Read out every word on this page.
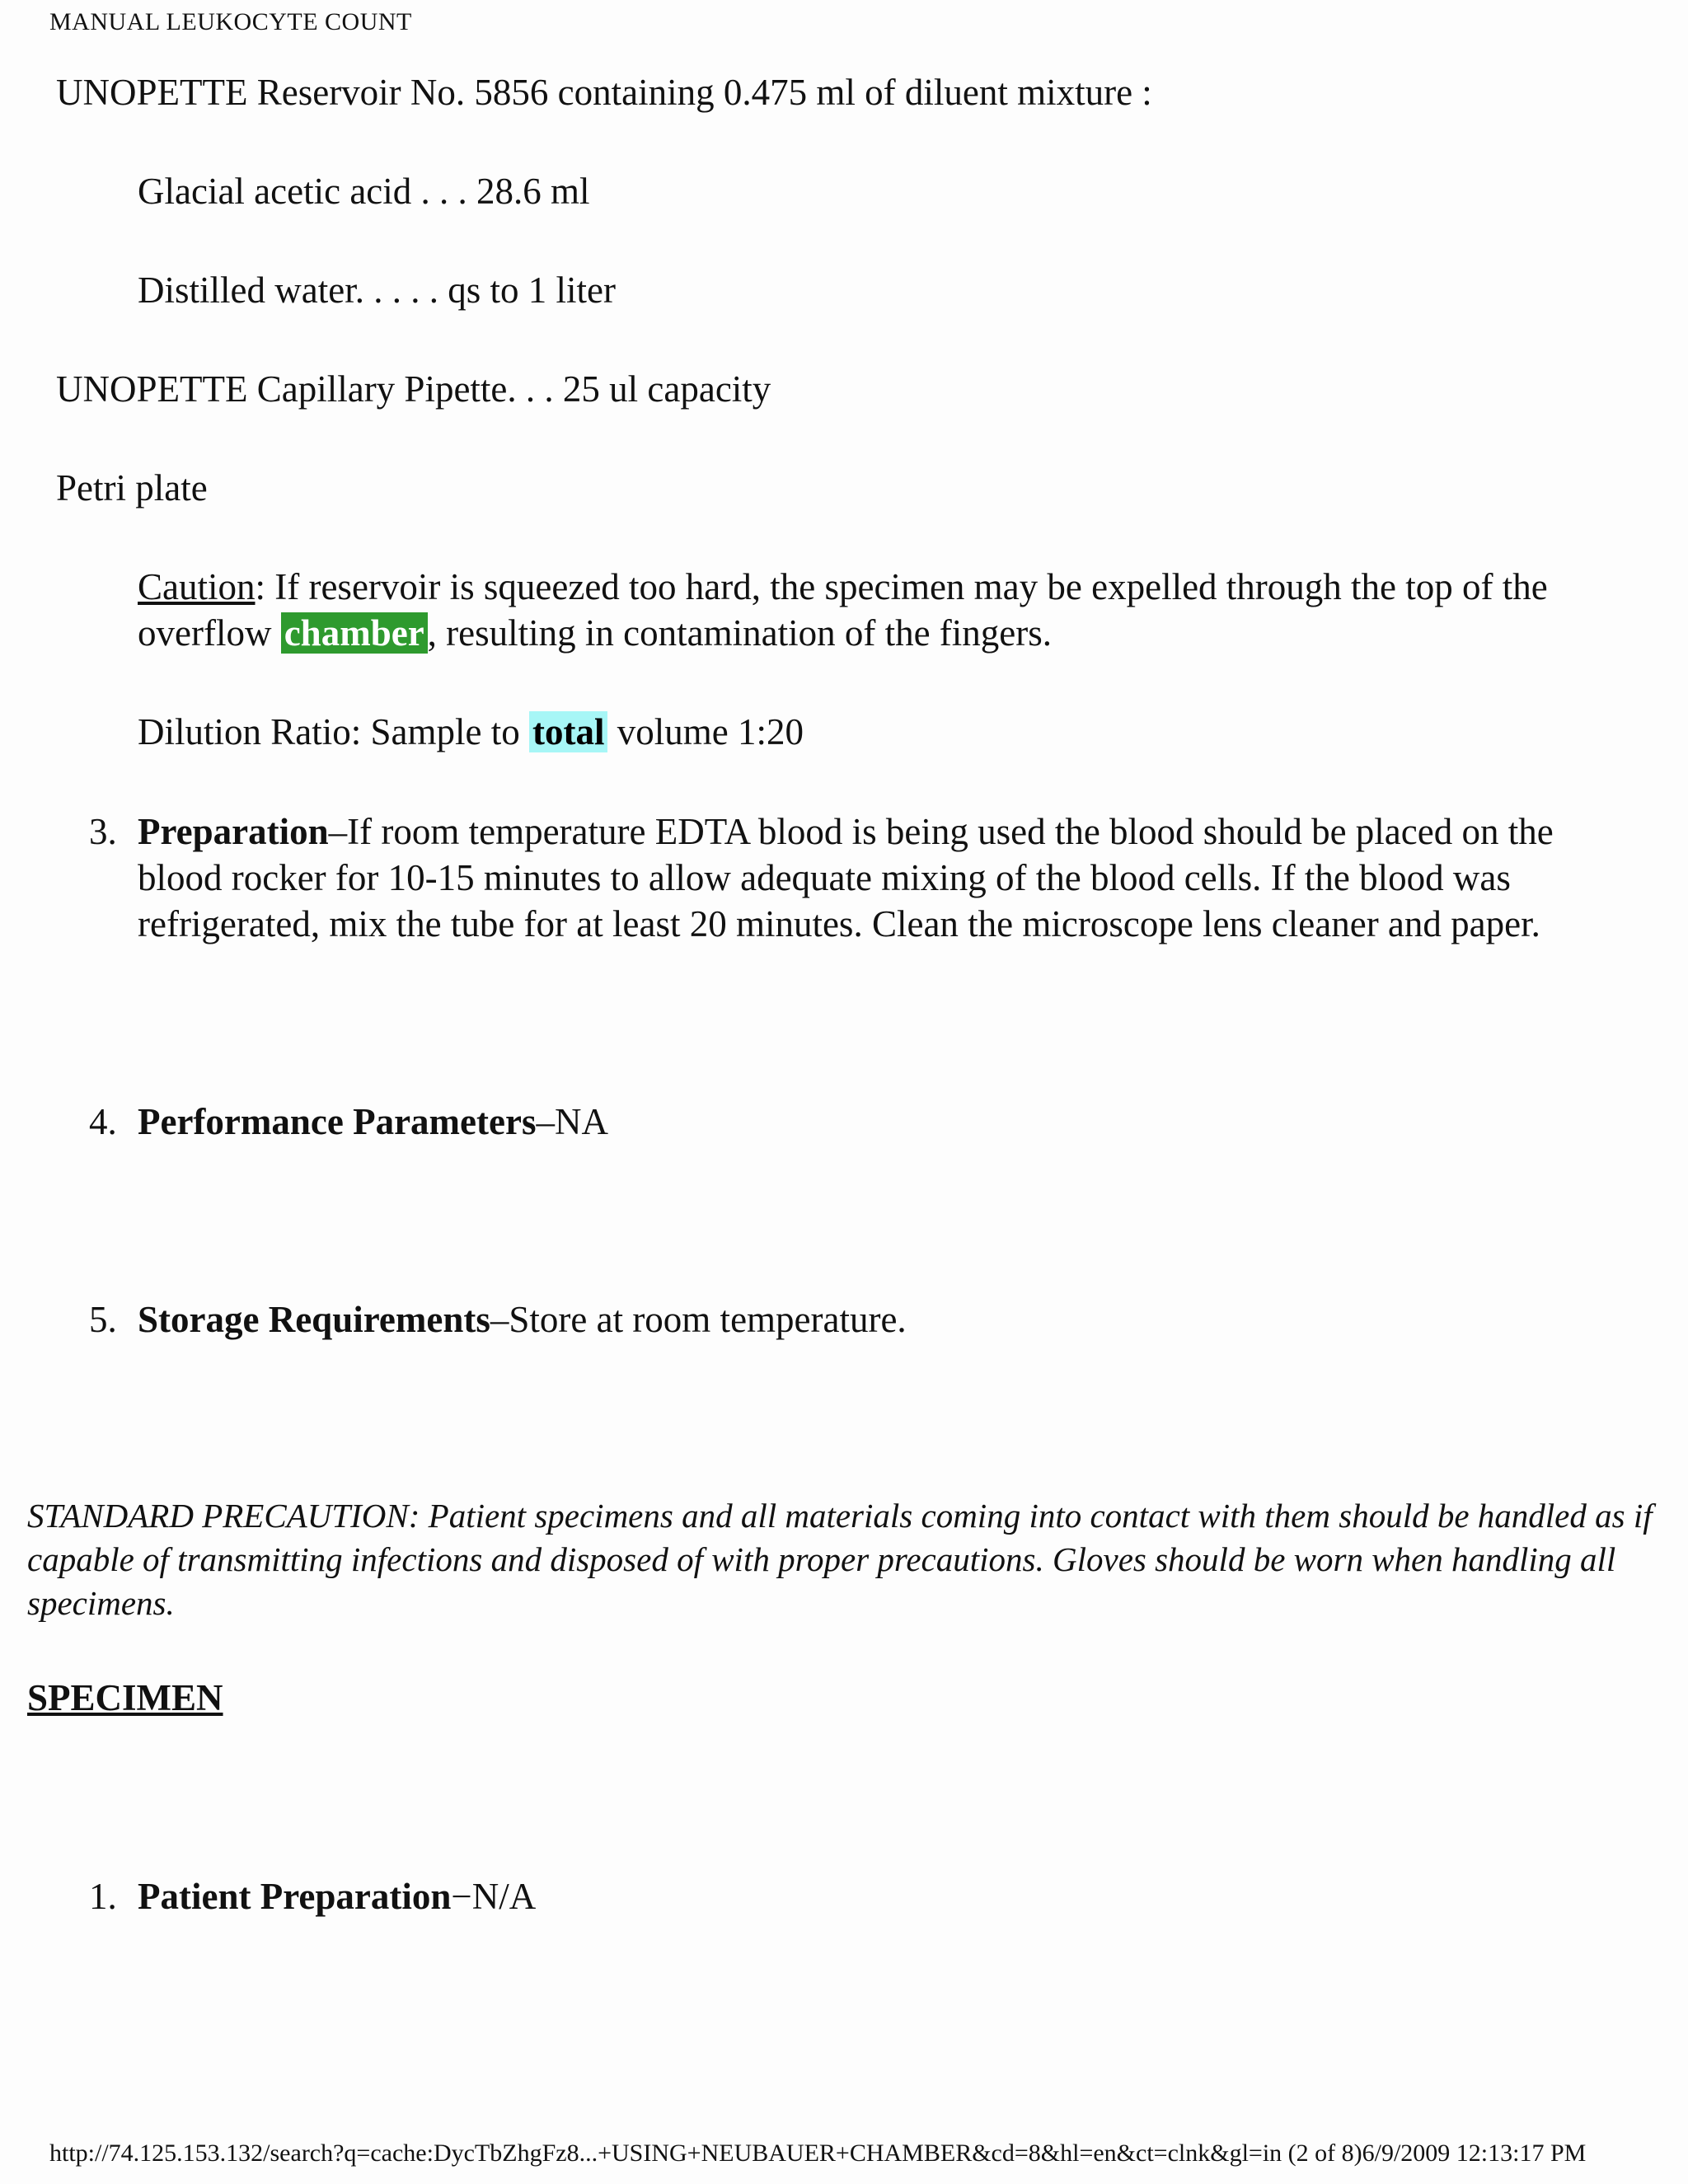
MANUAL LEUKOCYTE COUNT
UNOPETTE Reservoir No. 5856 containing 0.475 ml of diluent mixture :
Glacial acetic acid . . . 28.6 ml
Distilled water. . . . . qs to 1 liter
UNOPETTE Capillary Pipette. . . 25 ul capacity
Petri plate
Caution: If reservoir is squeezed too hard, the specimen may be expelled through the top of the overflow chamber, resulting in contamination of the fingers.
Dilution Ratio: Sample to total volume 1:20
3. Preparation–If room temperature EDTA blood is being used the blood should be placed on the blood rocker for 10-15 minutes to allow adequate mixing of the blood cells. If the blood was refrigerated, mix the tube for at least 20 minutes. Clean the microscope lens cleaner and paper.
4. Performance Parameters–NA
5. Storage Requirements–Store at room temperature.
STANDARD PRECAUTION: Patient specimens and all materials coming into contact with them should be handled as if capable of transmitting infections and disposed of with proper precautions. Gloves should be worn when handling all specimens.
SPECIMEN
1. Patient Preparation−N/A
http://74.125.153.132/search?q=cache:DycTbZhgFz8...+USING+NEUBAUER+CHAMBER&cd=8&hl=en&ct=clnk&gl=in (2 of 8)6/9/2009 12:13:17 PM
